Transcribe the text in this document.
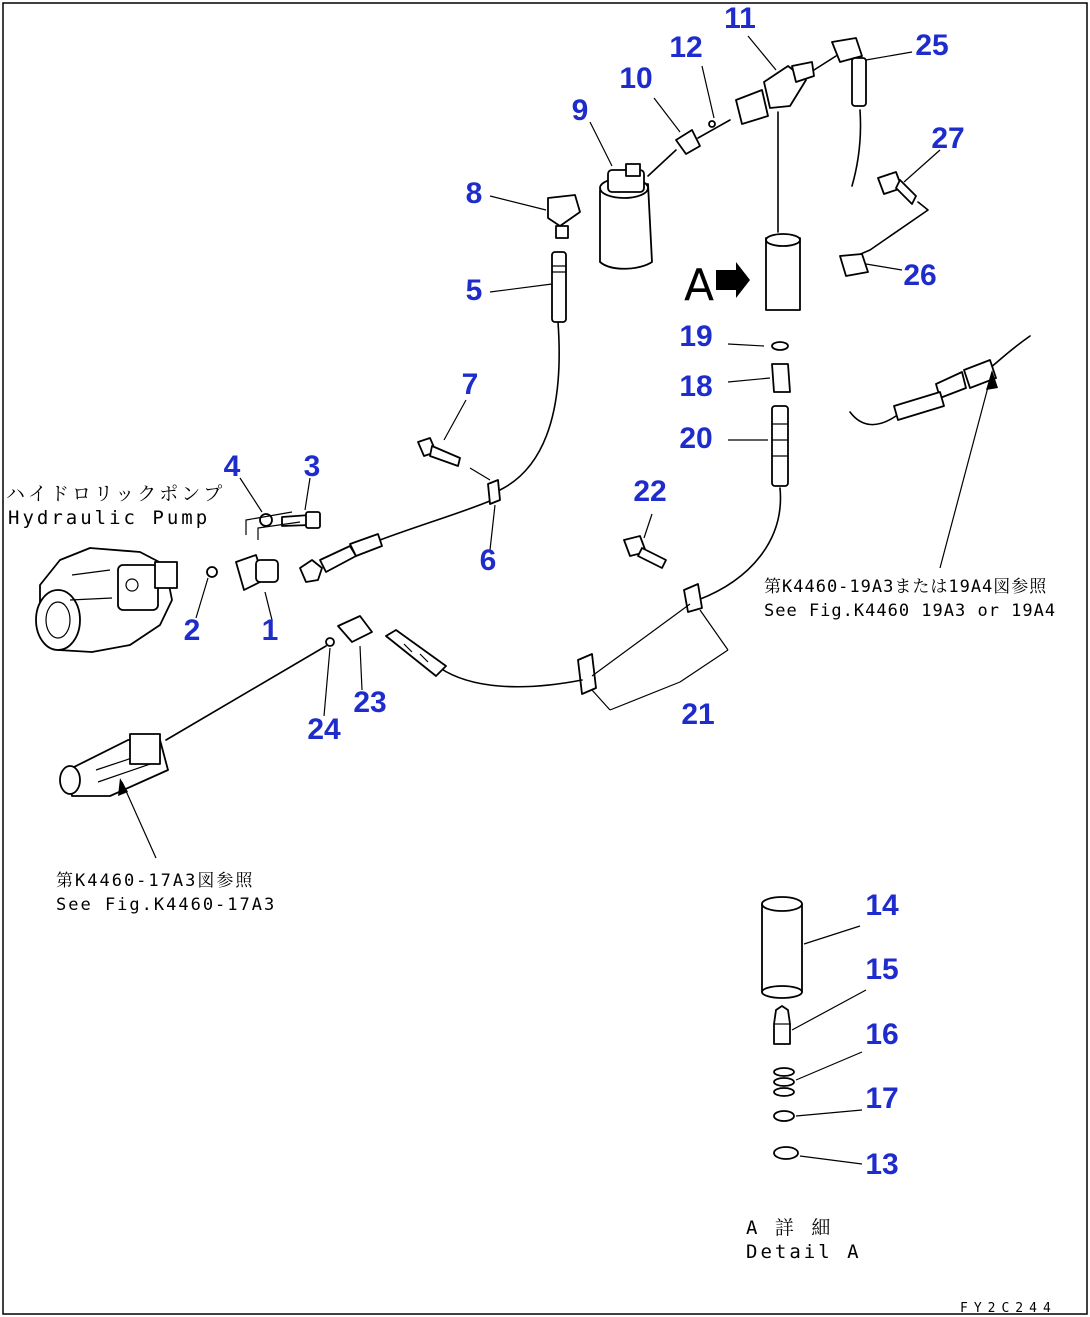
A
1
2
3
4
5
6
7
8
9
10
11
12
13
14
15
16
17
18
19
20
21
22
23
24
25
26
27
ハイドロリックポンプ
Hydraulic Pump
第K4460-19A3または19A4図参照
See Fig.K4460 19A3 or 19A4
第K4460-17A3図参照
See Fig.K4460-17A3
A 詳 細
Detail A
FY2C244
